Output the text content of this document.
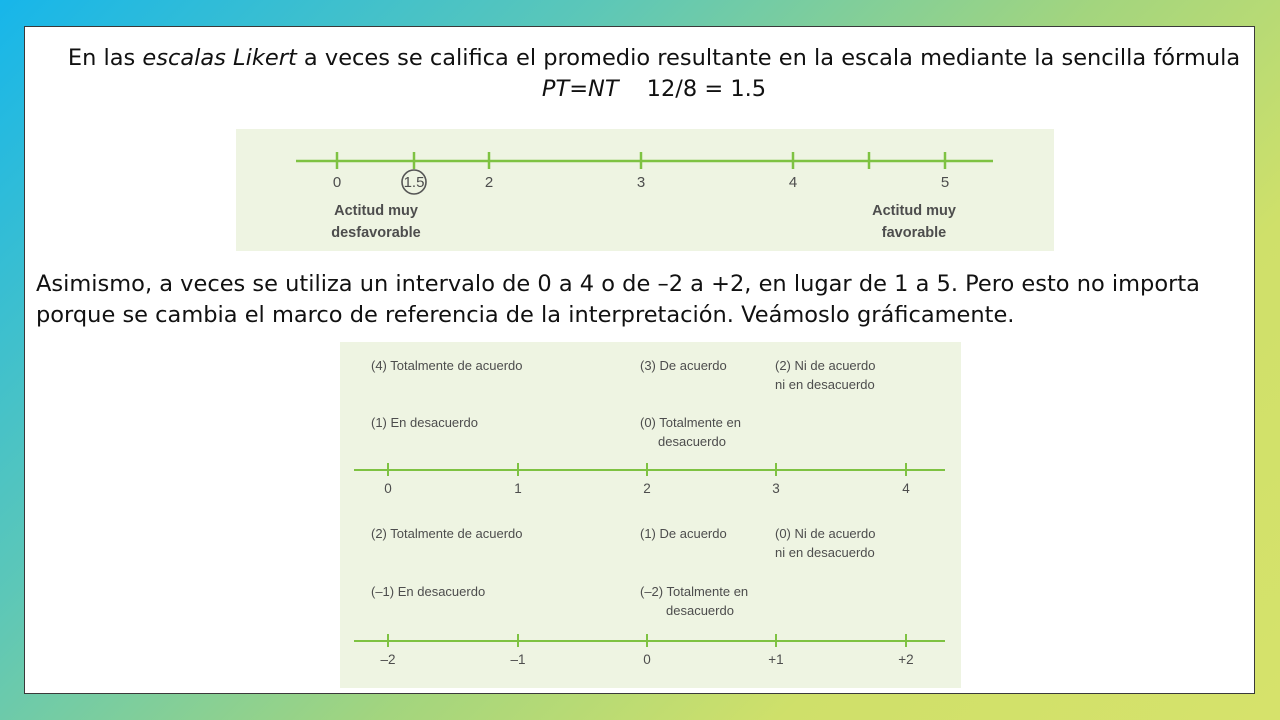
En las escalas Likert a veces se califica el promedio resultante en la escala mediante la sencilla fórmula
PT=NT 12/8 = 1.5
0	1.5	2	3	4	5
Actitud muy
desfavorable
Actitud muy
favorable
Asimismo, a veces se utiliza un intervalo de 0 a 4 o de –2 a +2, en lugar de 1 a 5. Pero esto no importa porque se cambia el marco de referencia de la interpretación. Veámoslo gráficamente.
(4) Totalmente de acuerdo	(3) De acuerdo	(2) Ni de acuerdo
ni en desacuerdo
(1) En desacuerdo	(0) Totalmente en
desacuerdo
0	1	2	3	4
(2) Totalmente de acuerdo	(1) De acuerdo	(0) Ni de acuerdo
ni en desacuerdo
(–1) En desacuerdo	(–2) Totalmente en
desacuerdo
–2	–1	0	+1	+2
